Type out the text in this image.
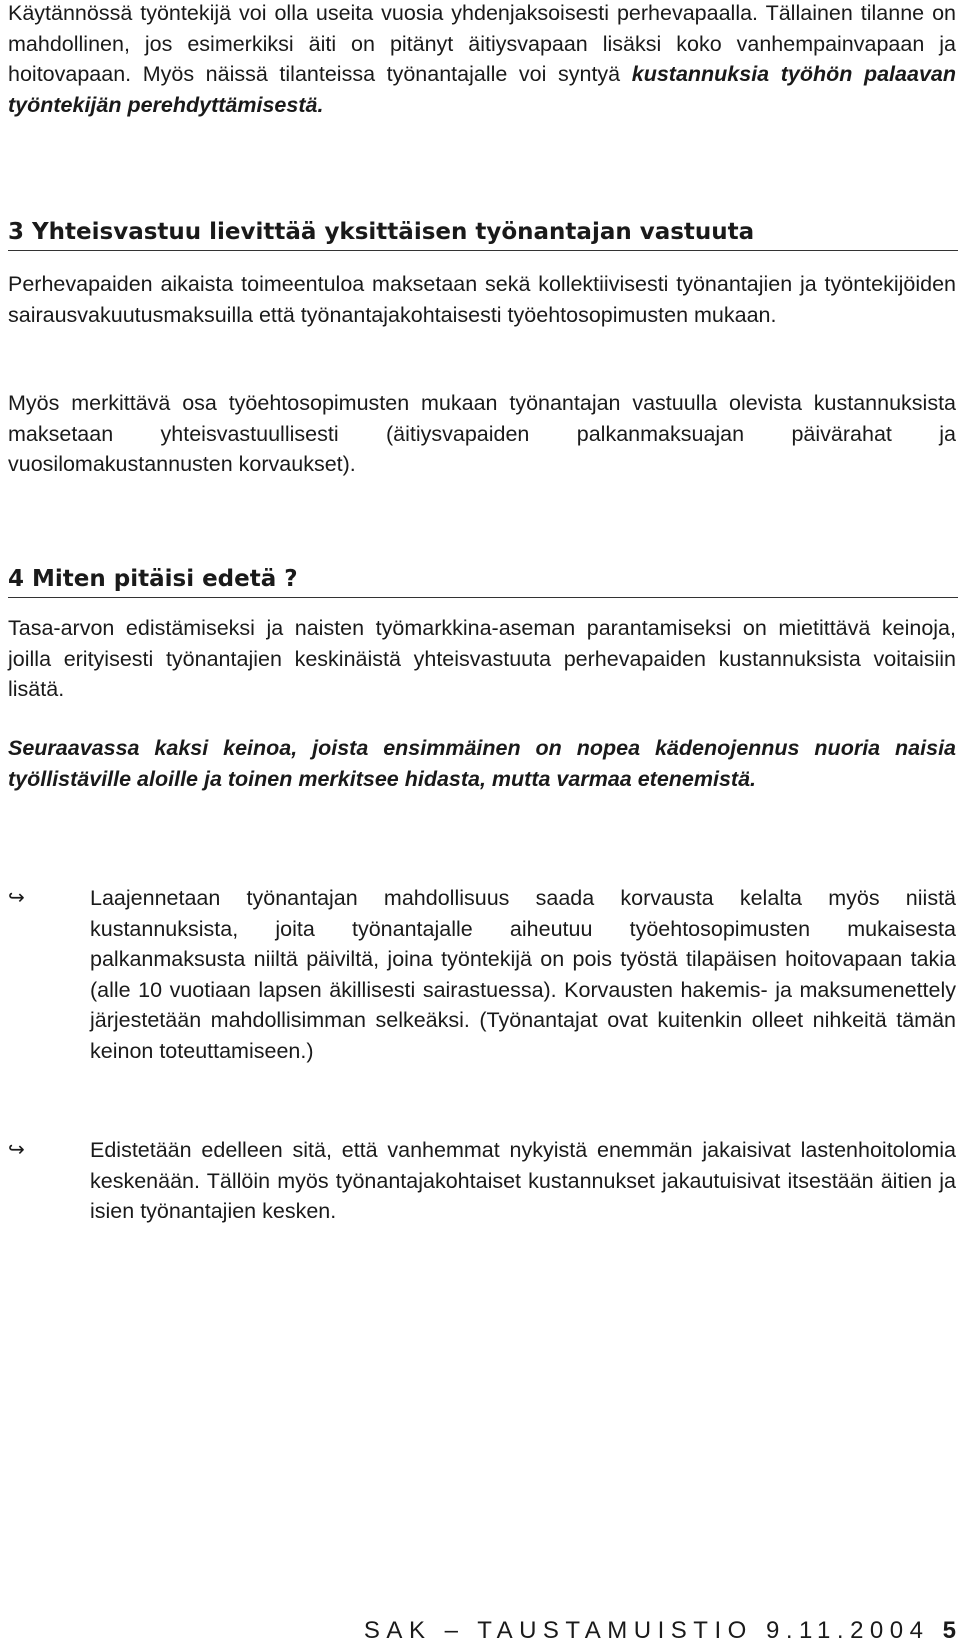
Käytännössä työntekijä voi olla useita vuosia yhdenjaksoisesti perhevapaalla. Tällainen tilanne on mahdollinen, jos esimerkiksi äiti on pitänyt äitiysvapaan lisäksi koko vanhempainvapaan ja hoitovapaan. Myös näissä tilanteissa työnantajalle voi syntyä kustannuksia työhön palaavan työntekijän perehdyttämisestä.

3 Yhteisvastuu lievittää yksittäisen työnantajan vastuuta

Perhevapaiden aikaista toimeentuloa maksetaan sekä kollektiivisesti työnantajien ja työntekijöiden sairausvakuutusmaksuilla että työnantajakohtaisesti työehtosopimusten mukaan.

Myös merkittävä osa työehtosopimusten mukaan työnantajan vastuulla olevista kustannuksista maksetaan yhteisvastuullisesti (äitiysvapaiden palkanmaksuajan päivärahat ja vuosilomakustannusten korvaukset).

4 Miten pitäisi edetä ?

Tasa-arvon edistämiseksi ja naisten työmarkkina-aseman parantamiseksi on mietittävä keinoja, joilla erityisesti työnantajien keskinäistä yhteisvastuuta perhevapaiden kustannuksista voitaisiin lisätä.

Seuraavassa kaksi keinoa, joista ensimmäinen on nopea kädenojennus nuoria naisia työllistäville aloille ja toinen merkitsee hidasta, mutta varmaa etenemistä.

↪	Laajennetaan työnantajan mahdollisuus saada korvausta kelalta myös niistä kustannuksista, joita työnantajalle aiheutuu työehtosopimusten mukaisesta palkanmaksusta niiltä päiviltä, joina työntekijä on pois työstä tilapäisen hoitovapaan takia (alle 10 vuotiaan lapsen äkillisesti sairastuessa). Korvausten hakemis- ja maksumenettely järjestetään mahdollisimman selkeäksi. (Työnantajat ovat kuitenkin olleet nihkeitä tämän keinon toteuttamiseen.)

↪	Edistetään edelleen sitä, että vanhemmat nykyistä enemmän jakaisivat lastenhoitolomia keskenään. Tällöin myös työnantajakohtaiset kustannukset jakautuisivat itsestään äitien ja isien työnantajien kesken.

SAK – TAUSTAMUISTIO 9.11.2004 5
